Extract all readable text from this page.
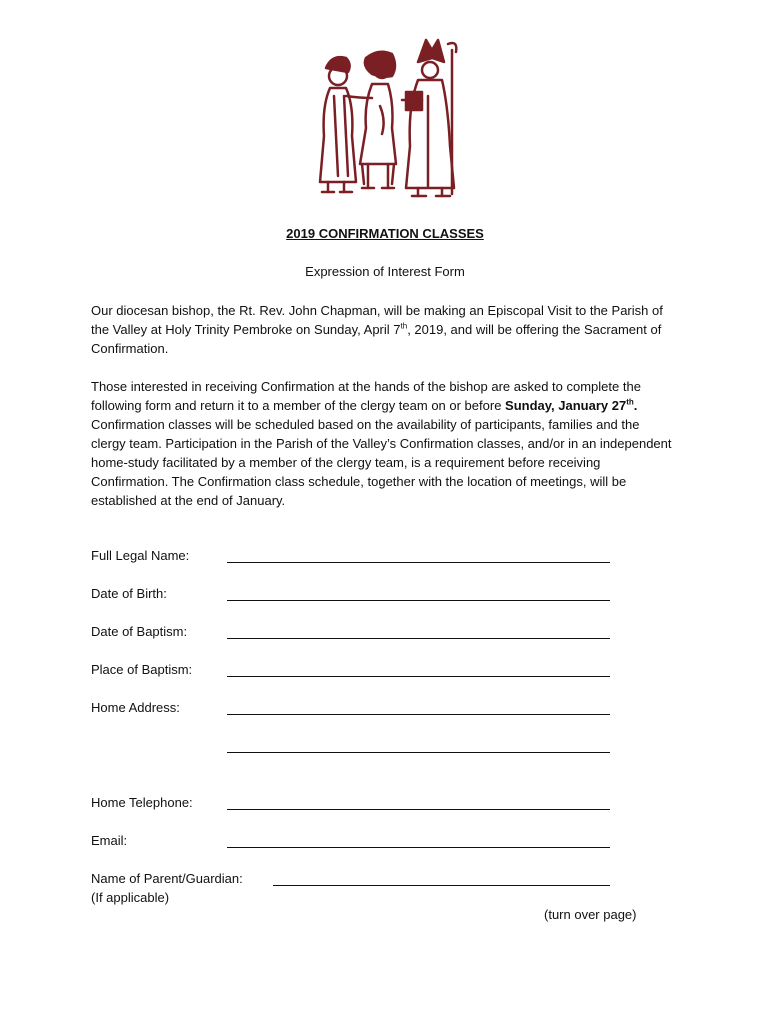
2019 CONFIRMATION CLASSES
Expression of Interest Form

Our diocesan bishop, the Rt. Rev. John Chapman, will be making an Episcopal Visit to the Parish of the Valley at Holy Trinity Pembroke on Sunday, April 7th, 2019, and will be offering the Sacrament of Confirmation.

Those interested in receiving Confirmation at the hands of the bishop are asked to complete the following form and return it to a member of the clergy team on or before Sunday, January 27th. Confirmation classes will be scheduled based on the availability of participants, families and the clergy team. Participation in the Parish of the Valley’s Confirmation classes, and/or in an independent home-study facilitated by a member of the clergy team, is a requirement before receiving Confirmation. The Confirmation class schedule, together with the location of meetings, will be established at the end of January.

Full Legal Name:
Date of Birth:
Date of Baptism:
Place of Baptism:
Home Address:
Home Telephone:
Email:
Name of Parent/Guardian:
(If applicable)
(turn over page)
